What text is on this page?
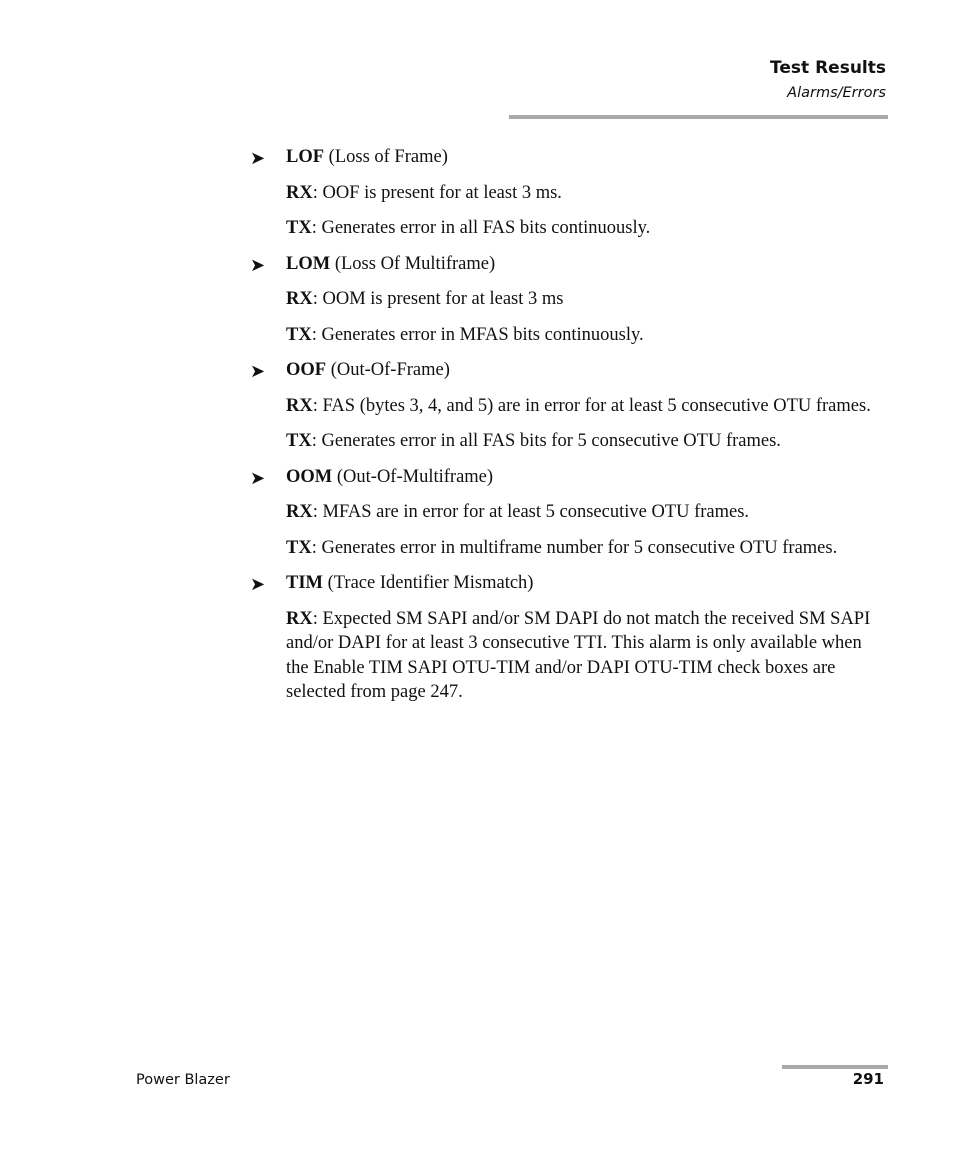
Test Results
Alarms/Errors
➤ LOF (Loss of Frame)

RX: OOF is present for at least 3 ms.

TX: Generates error in all FAS bits continuously.

➤ LOM (Loss Of Multiframe)

RX: OOM is present for at least 3 ms

TX: Generates error in MFAS bits continuously.

➤ OOF (Out-Of-Frame)

RX: FAS (bytes 3, 4, and 5) are in error for at least 5 consecutive OTU frames.

TX: Generates error in all FAS bits for 5 consecutive OTU frames.

➤ OOM (Out-Of-Multiframe)

RX: MFAS are in error for at least 5 consecutive OTU frames.

TX: Generates error in multiframe number for 5 consecutive OTU frames.

➤ TIM (Trace Identifier Mismatch)

RX: Expected SM SAPI and/or SM DAPI do not match the received SM SAPI and/or DAPI for at least 3 consecutive TTI. This alarm is only available when the Enable TIM SAPI OTU-TIM and/or DAPI OTU-TIM check boxes are selected from page 247.

Power Blazer	291
